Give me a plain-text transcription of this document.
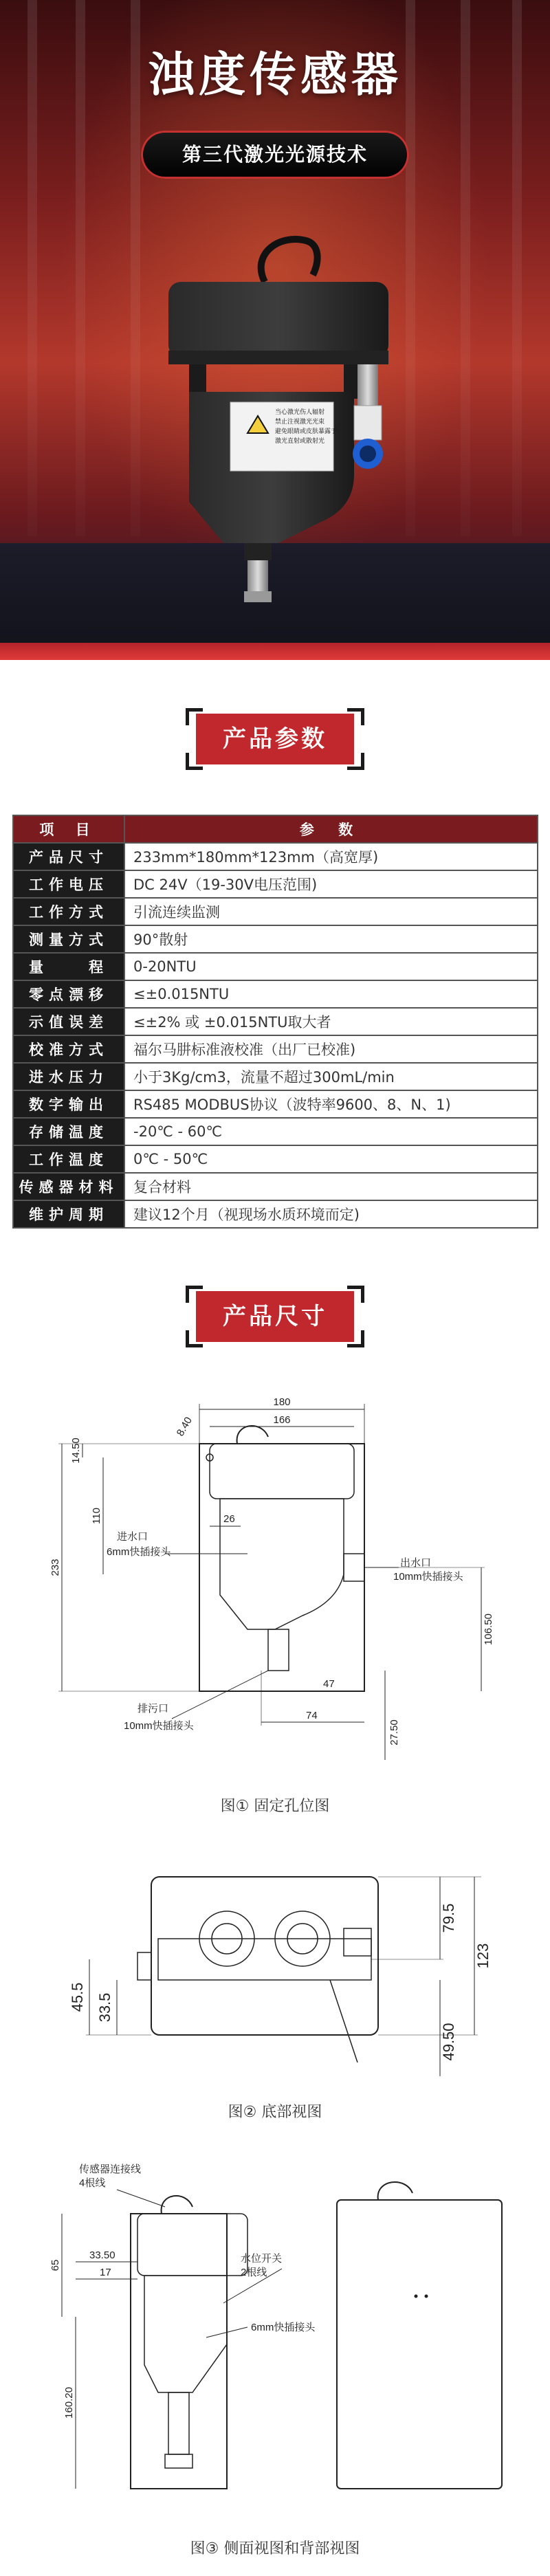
浊度传感器
第三代激光光源技术
当心激光伤人辐射
禁止注视激光光束
避免眼睛或皮肤暴露于
激光直射或散射光
产品参数
项 目	参 数
产品尺寸	233mm*180mm*123mm（高宽厚)
工作电压	DC 24V（19-30V电压范围)
工作方式	引流连续监测
测量方式	90°散射
量　　程	0-20NTU
零点漂移	≤±0.015NTU
示值误差	≤±2% 或 ±0.015NTU取大者
校准方式	福尔马肼标准液校准（出厂已校准)
进水压力	小于3Kg/cm3，流量不超过300mL/min
数字输出	RS485 MODBUS协议（波特率9600、8、N、1)
存储温度	-20℃ - 60℃
工作温度	0℃ - 50℃
传感器材料	复合材料
维护周期	建议12个月（视现场水质环境而定)
产品尺寸
180
166
14.50
8.40
110
233
26
进水口
6mm快插接头
出水口
10mm快插接头
106.50
27.50
47
74
排污口
10mm快插接头
图① 固定孔位图
79.5
123
45.5 33.5
49.50
图② 底部视图
传感器连接线
4根线
33.50
17
65
160.20
水位开关
2根线
6mm快插接头
图③ 侧面视图和背部视图
